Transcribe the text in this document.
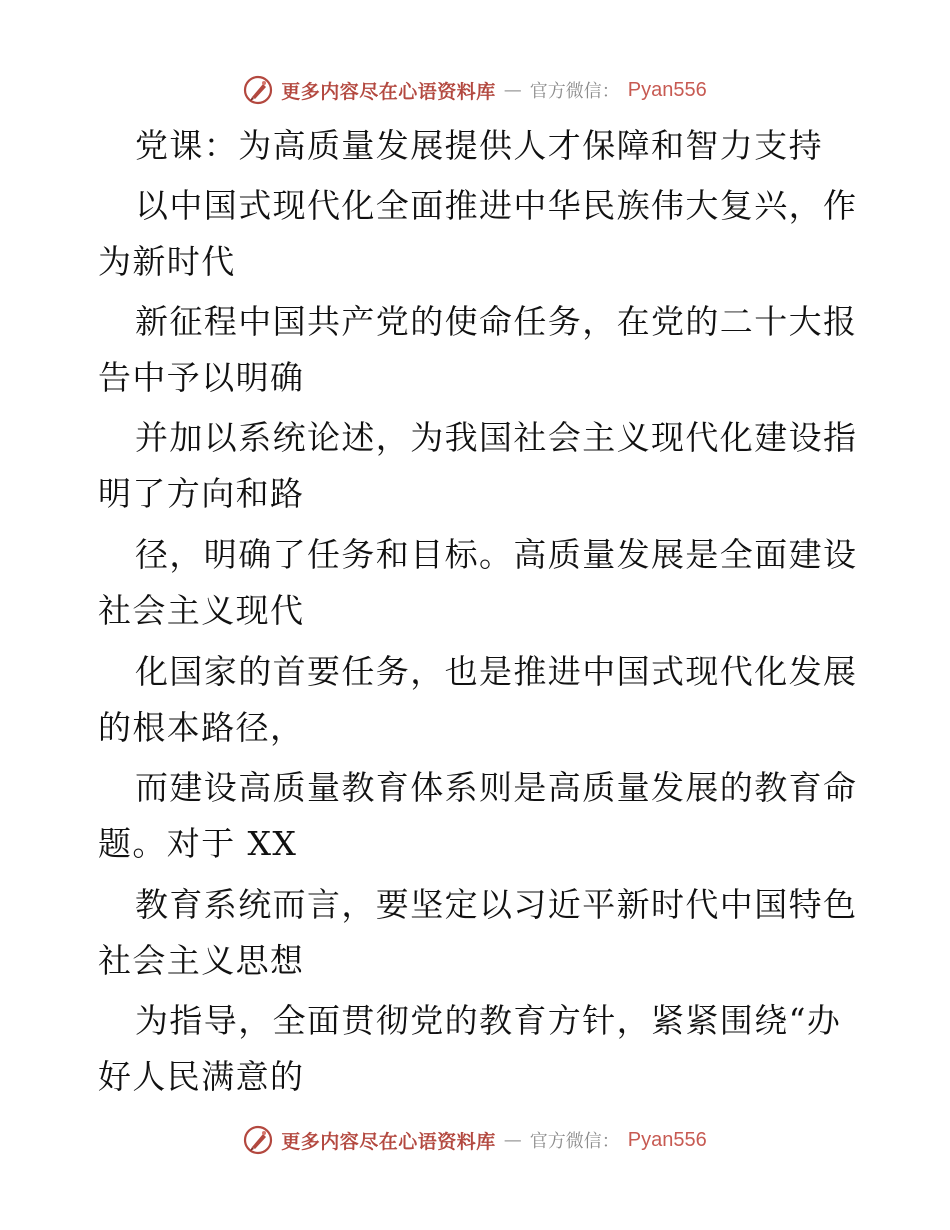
更多内容尽在心语资料库 — 官方微信： Pyan556
党课：为高质量发展提供人才保障和智力支持
以中国式现代化全面推进中华民族伟大复兴，作
为新时代
新征程中国共产党的使命任务，在党的二十大报
告中予以明确
并加以系统论述，为我国社会主义现代化建设指
明了方向和路
径，明确了任务和目标。高质量发展是全面建设
社会主义现代
化国家的首要任务，也是推进中国式现代化发展
的根本路径，
而建设高质量教育体系则是高质量发展的教育命
题。对于 XX
教育系统而言，要坚定以习近平新时代中国特色
社会主义思想
为指导，全面贯彻党的教育方针，紧紧围绕“办
好人民满意的
更多内容尽在心语资料库 — 官方微信： Pyan556
